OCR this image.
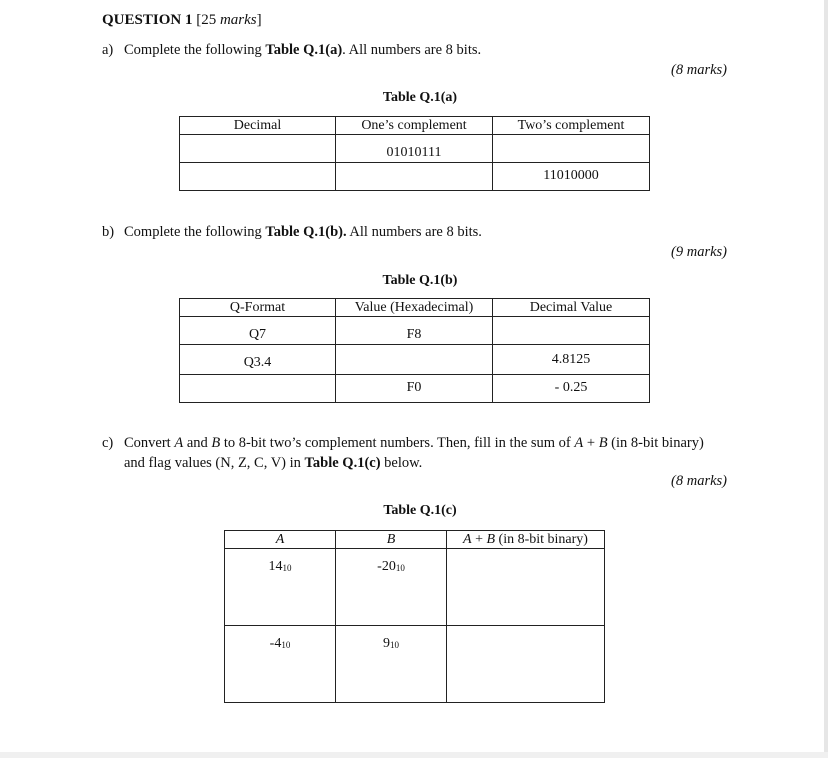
QUESTION 1 [25 marks]
a) Complete the following Table Q.1(a). All numbers are 8 bits.
(8 marks)
Table Q.1(a)
Decimal	One’s complement	Two’s complement
	01010111	
		11010000
b) Complete the following Table Q.1(b). All numbers are 8 bits.
(9 marks)
Table Q.1(b)
Q-Format	Value (Hexadecimal)	Decimal Value
Q7	F8	
Q3.4		4.8125
	F0	- 0.25
c) Convert A and B to 8-bit two’s complement numbers. Then, fill in the sum of A + B (in 8-bit binary)
and flag values (N, Z, C, V) in Table Q.1(c) below.
(8 marks)
Table Q.1(c)
A	B	A + B (in 8-bit binary)
$14_{10}$	$-20_{10}$	
$-4_{10}$	$9_{10}$	
